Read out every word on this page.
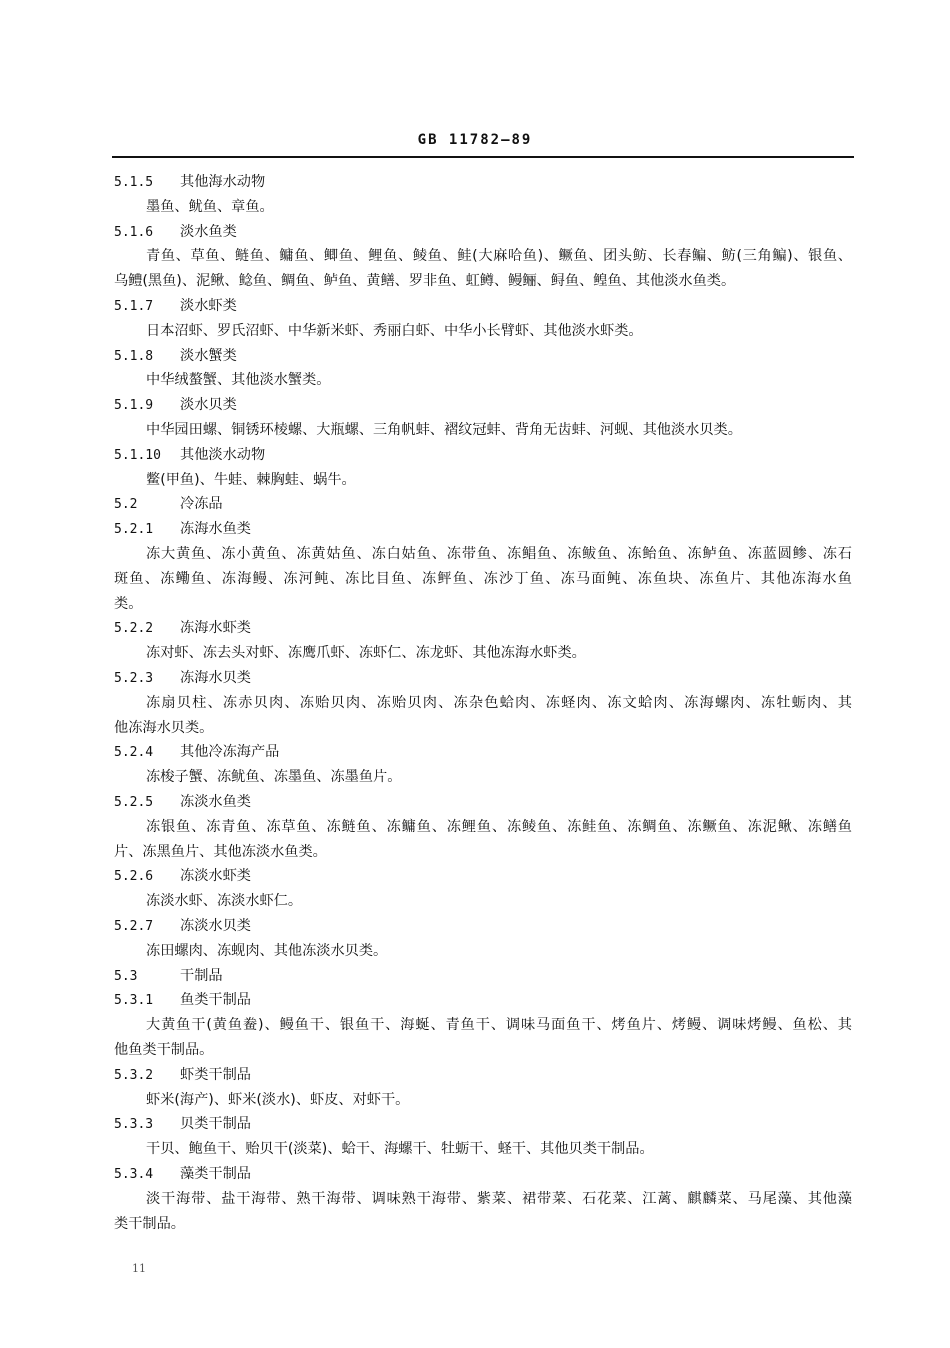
GB 11782—89
5.1.5 其他海水动物
墨鱼、鱿鱼、章鱼。
5.1.6 淡水鱼类
青鱼、草鱼、鲢鱼、鳙鱼、鲫鱼、鲤鱼、鲮鱼、鲑(大麻哈鱼)、鳜鱼、团头鲂、长春鳊、鲂(三角鳊)、银鱼、
乌鳢(黑鱼)、泥鳅、鲶鱼、鲷鱼、鲈鱼、黄鳝、罗非鱼、虹鳟、鳗鲡、鲟鱼、鳇鱼、其他淡水鱼类。
5.1.7 淡水虾类
日本沼虾、罗氏沼虾、中华新米虾、秀丽白虾、中华小长臂虾、其他淡水虾类。
5.1.8 淡水蟹类
中华绒螯蟹、其他淡水蟹类。
5.1.9 淡水贝类
中华园田螺、铜锈环棱螺、大瓶螺、三角帆蚌、褶纹冠蚌、背角无齿蚌、河蚬、其他淡水贝类。
5.1.10 其他淡水动物
鳖(甲鱼)、牛蛙、棘胸蛙、蜗牛。
5.2	冷冻品
5.2.1 冻海水鱼类
冻大黄鱼、冻小黄鱼、冻黄姑鱼、冻白姑鱼、冻带鱼、冻鲳鱼、冻鲅鱼、冻鲐鱼、冻鲈鱼、冻蓝圆鲹、冻石
斑鱼、冻鳓鱼、冻海鳗、冻河鲀、冻比目鱼、冻鲆鱼、冻沙丁鱼、冻马面鲀、冻鱼块、冻鱼片、其他冻海水鱼
类。
5.2.2 冻海水虾类
冻对虾、冻去头对虾、冻鹰爪虾、冻虾仁、冻龙虾、其他冻海水虾类。
5.2.3 冻海水贝类
冻扇贝柱、冻赤贝肉、冻贻贝肉、冻贻贝肉、冻杂色蛤肉、冻蛏肉、冻文蛤肉、冻海螺肉、冻牡蛎肉、其
他冻海水贝类。
5.2.4 其他冷冻海产品
冻梭子蟹、冻鱿鱼、冻墨鱼、冻墨鱼片。
5.2.5 冻淡水鱼类
冻银鱼、冻青鱼、冻草鱼、冻鲢鱼、冻鳙鱼、冻鲤鱼、冻鲮鱼、冻鲑鱼、冻鲷鱼、冻鳜鱼、冻泥鳅、冻鳝鱼
片、冻黑鱼片、其他冻淡水鱼类。
5.2.6 冻淡水虾类
冻淡水虾、冻淡水虾仁。
5.2.7 冻淡水贝类
冻田螺肉、冻蚬肉、其他冻淡水贝类。
5.3	干制品
5.3.1 鱼类干制品
大黄鱼干(黄鱼鲞)、鳗鱼干、银鱼干、海蜒、青鱼干、调味马面鱼干、烤鱼片、烤鳗、调味烤鳗、鱼松、其
他鱼类干制品。
5.3.2 虾类干制品
虾米(海产)、虾米(淡水)、虾皮、对虾干。
5.3.3 贝类干制品
干贝、鲍鱼干、贻贝干(淡菜)、蛤干、海螺干、牡蛎干、蛏干、其他贝类干制品。
5.3.4 藻类干制品
淡干海带、盐干海带、熟干海带、调味熟干海带、紫菜、裙带菜、石花菜、江蓠、麒麟菜、马尾藻、其他藻
类干制品。
11
